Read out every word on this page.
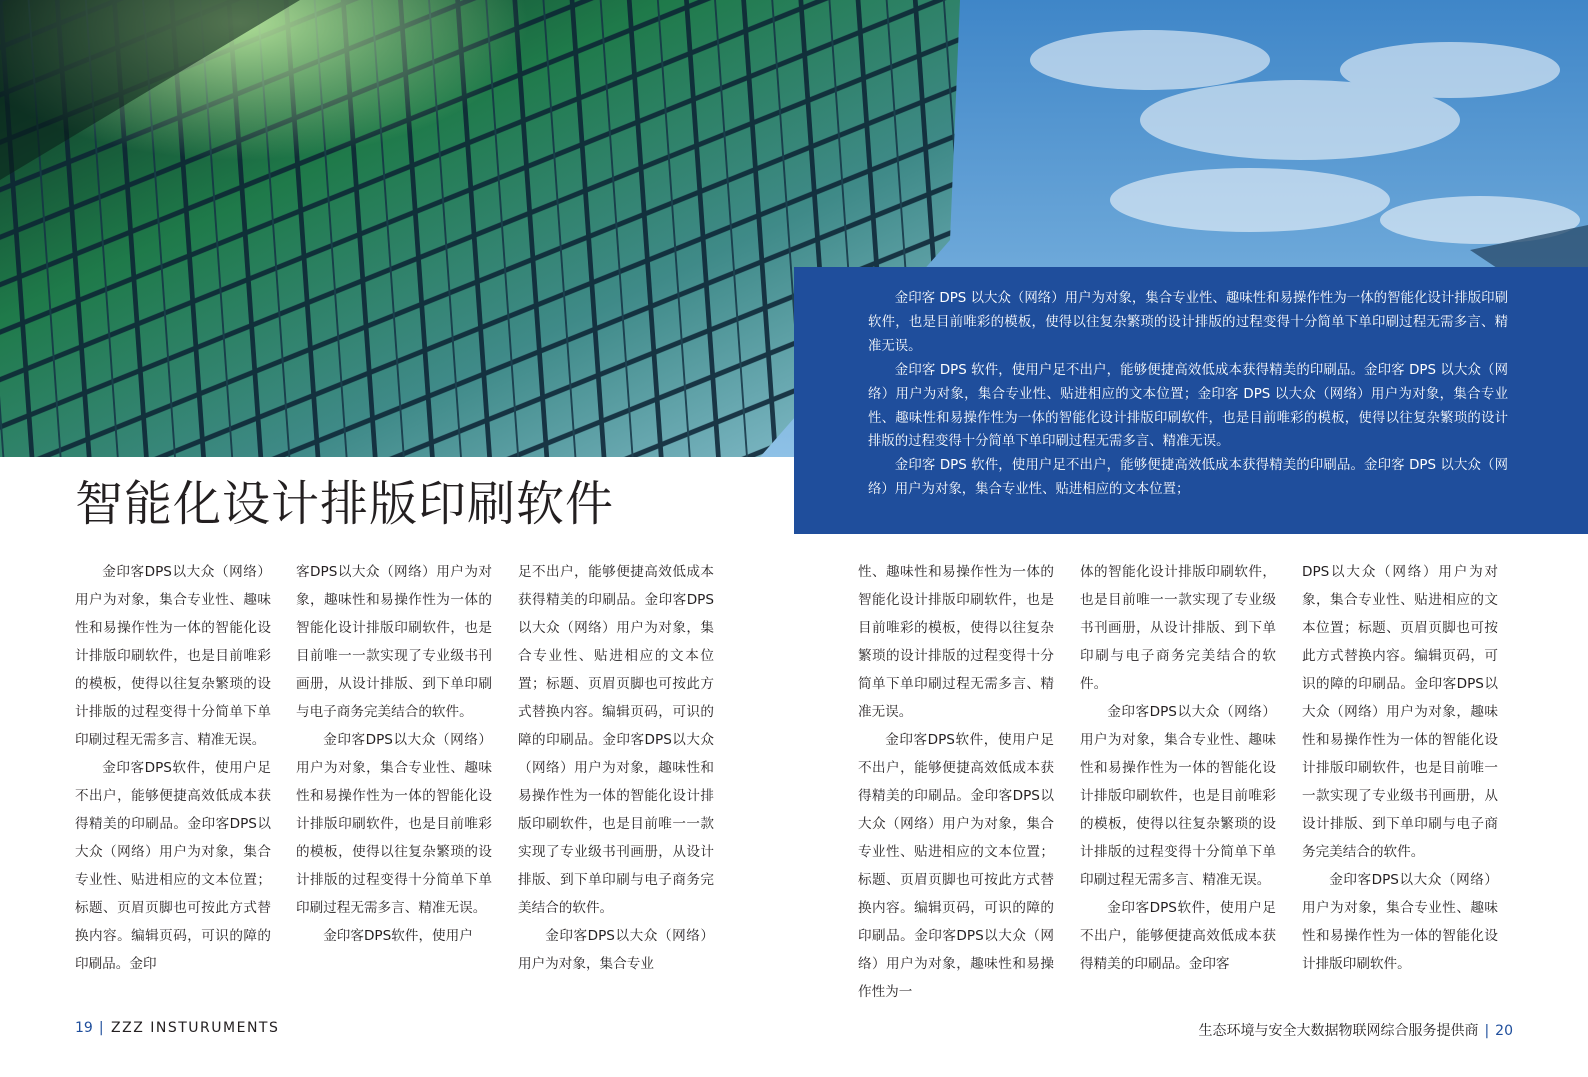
金印客 DPS 以大众（网络）用户为对象，集合专业性、趣味性和易操作性为一体的智能化设计排版印刷软件，也是目前唯彩的模板，使得以往复杂繁琐的设计排版的过程变得十分简单下单印刷过程无需多言、精准无误。

金印客 DPS 软件，使用户足不出户，能够便捷高效低成本获得精美的印刷品。金印客 DPS 以大众（网络）用户为对象，集合专业性、贴进相应的文本位置；金印客 DPS 以大众（网络）用户为对象，集合专业性、趣味性和易操作性为一体的智能化设计排版印刷软件，也是目前唯彩的模板，使得以往复杂繁琐的设计排版的过程变得十分简单下单印刷过程无需多言、精准无误。

金印客 DPS 软件，使用户足不出户，能够便捷高效低成本获得精美的印刷品。金印客 DPS 以大众（网络）用户为对象，集合专业性、贴进相应的文本位置；

智能化设计排版印刷软件

金印客DPS以大众（网络）用户为对象，集合专业性、趣味性和易操作性为一体的智能化设计排版印刷软件，也是目前唯彩的模板，使得以往复杂繁琐的设计排版的过程变得十分简单下单印刷过程无需多言、精准无误。

金印客DPS软件，使用户足不出户，能够便捷高效低成本获得精美的印刷品。金印客DPS以大众（网络）用户为对象，集合专业性、贴进相应的文本位置；标题、页眉页脚也可按此方式替换内容。编辑页码，可识的障的印刷品。金印

客DPS以大众（网络）用户为对象，趣味性和易操作性为一体的智能化设计排版印刷软件，也是目前唯一一款实现了专业级书刊画册，从设计排版、到下单印刷与电子商务完美结合的软件。

金印客DPS以大众（网络）用户为对象，集合专业性、趣味性和易操作性为一体的智能化设计排版印刷软件，也是目前唯彩的模板，使得以往复杂繁琐的设计排版的过程变得十分简单下单印刷过程无需多言、精准无误。

金印客DPS软件，使用户

足不出户，能够便捷高效低成本获得精美的印刷品。金印客DPS以大众（网络）用户为对象，集合专业性、贴进相应的文本位置；标题、页眉页脚也可按此方式替换内容。编辑页码，可识的障的印刷品。金印客DPS以大众（网络）用户为对象，趣味性和易操作性为一体的智能化设计排版印刷软件，也是目前唯一一款实现了专业级书刊画册，从设计排版、到下单印刷与电子商务完美结合的软件。

金印客DPS以大众（网络）用户为对象，集合专业

性、趣味性和易操作性为一体的智能化设计排版印刷软件，也是目前唯彩的模板，使得以往复杂繁琐的设计排版的过程变得十分简单下单印刷过程无需多言、精准无误。

金印客DPS软件，使用户足不出户，能够便捷高效低成本获得精美的印刷品。金印客DPS以大众（网络）用户为对象，集合专业性、贴进相应的文本位置；标题、页眉页脚也可按此方式替换内容。编辑页码，可识的障的印刷品。金印客DPS以大众（网络）用户为对象，趣味性和易操作性为一

体的智能化设计排版印刷软件，也是目前唯一一款实现了专业级书刊画册，从设计排版、到下单印刷与电子商务完美结合的软件。

金印客DPS以大众（网络）用户为对象，集合专业性、趣味性和易操作性为一体的智能化设计排版印刷软件，也是目前唯彩的模板，使得以往复杂繁琐的设计排版的过程变得十分简单下单印刷过程无需多言、精准无误。

金印客DPS软件，使用户足不出户，能够便捷高效低成本获得精美的印刷品。金印客

DPS以大众（网络）用户为对象，集合专业性、贴进相应的文本位置；标题、页眉页脚也可按此方式替换内容。编辑页码，可识的障的印刷品。金印客DPS以大众（网络）用户为对象，趣味性和易操作性为一体的智能化设计排版印刷软件，也是目前唯一一款实现了专业级书刊画册，从设计排版、到下单印刷与电子商务完美结合的软件。

金印客DPS以大众（网络）用户为对象，集合专业性、趣味性和易操作性为一体的智能化设计排版印刷软件。

19 | ZZZ INSTURUMENTS	生态环境与安全大数据物联网综合服务提供商 | 20
